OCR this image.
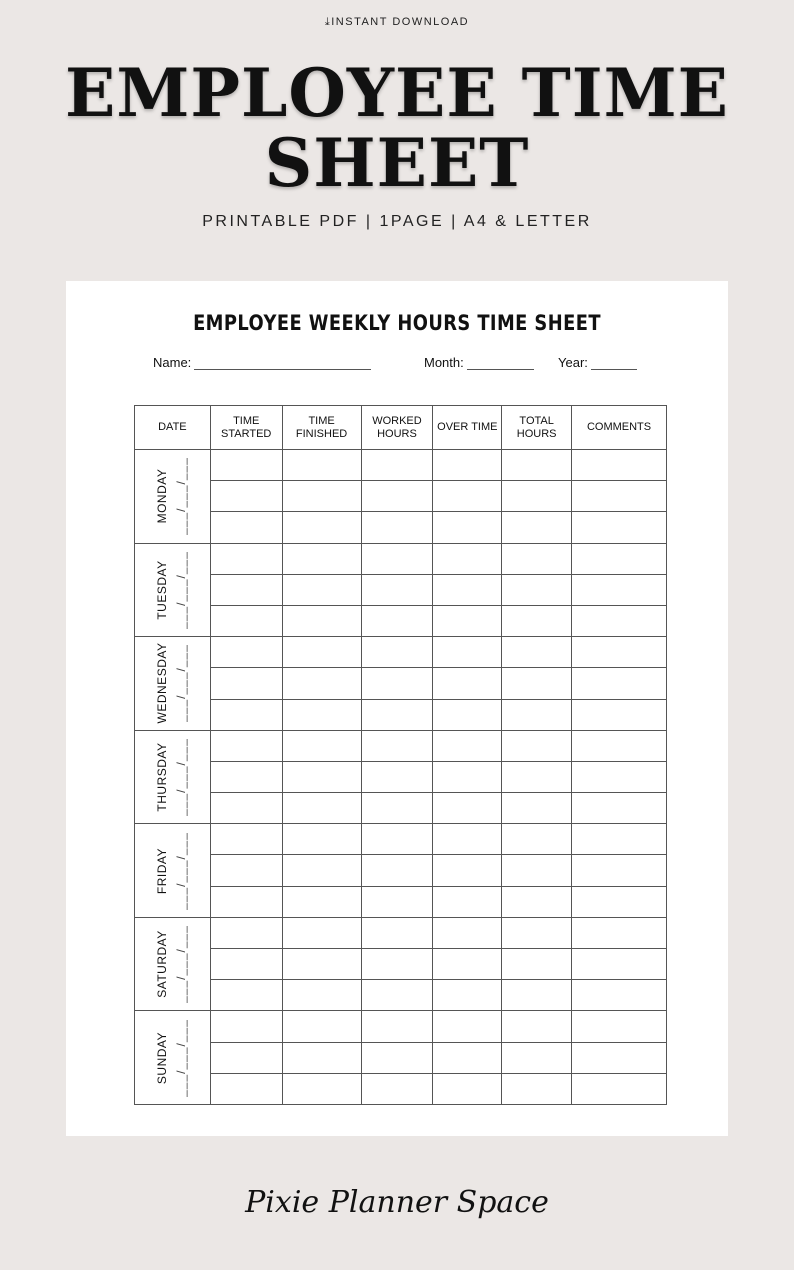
⤓INSTANT DOWNLOAD
EMPLOYEE TIME
SHEET
PRINTABLE PDF | 1PAGE | A4 & LETTER
EMPLOYEE WEEKLY HOURS TIME SHEET
Name:	Month:	Year:
DATE	TIME STARTED	TIME FINISHED	WORKED HOURS	OVER TIME	TOTAL HOURS	COMMENTS

MONDAY ___/___/___						

TUESDAY ___/___/___						

WEDNESDAY ___/___/___						

THURSDAY ___/___/___						

FRIDAY ___/___/___						

SATURDAY ___/___/___						

SUNDAY ___/___/___						

Pixie Planner Space
